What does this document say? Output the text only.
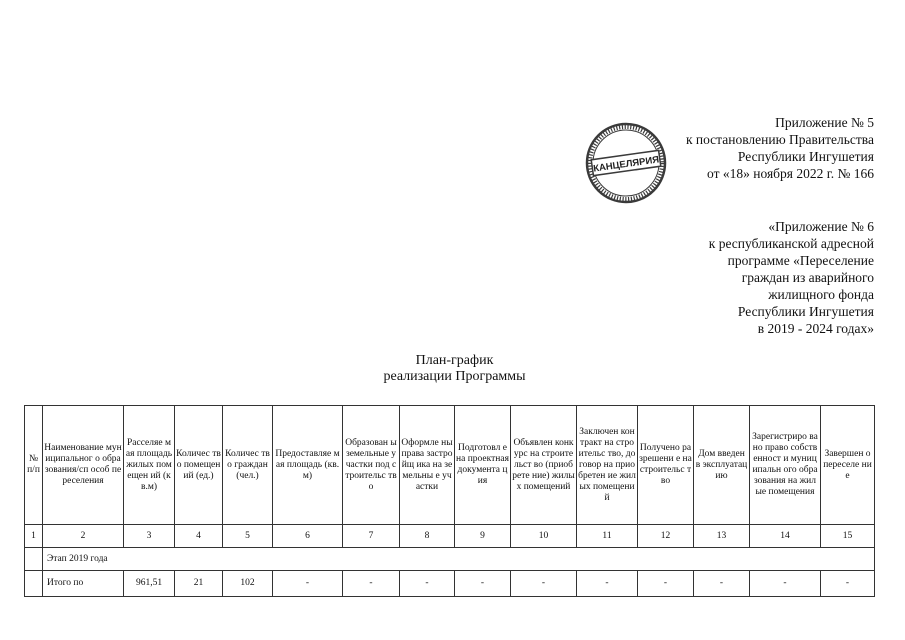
Приложение № 5
к постановлению Правительства
Республики Ингушетия
от «18» ноября 2022 г. № 166
КАНЦЕЛЯРИЯ
«Приложение № 6
к республиканской адресной
программе «Переселение
граждан из аварийного
жилищного фонда
Республики Ингушетия
в 2019 - 2024 годах»
План-график
реализации Программы
№ п/п	Наименование муниципальног о образования/сп особ переселения	Расселяе мая площадь жилых помещен ий (кв.м)	Количес тво помещен ий (ед.)	Количес тво граждан (чел.)	Предоставляе мая площадь (кв.м)	Образован ы земельные участки под строительс тво	Оформле ны права застройщ ика на земельны е участки	Подготовл ена проектная документа ция	Объявлен конкурс на строительст во (приобрете ние) жилых помещений	Заключен контракт на строительс тво, договор на приобретен ие жилых помещений	Получено разрешени е на строительс тво	Дом введен в эксплуатац ию	Зарегистриро вано право собственност и муниципальн ого образования на жилые помещения	Завершен о переселе ние
1	2	3	4	5	6	7	8	9	10	11	12	13	14	15
	Этап 2019 года													
	Итого по	961,51	21	102	-	-	-	-	-	-	-	-	-	-
